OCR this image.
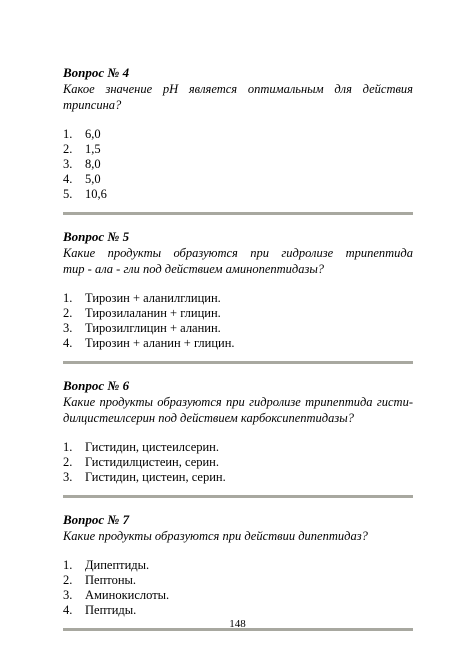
Вопрос № 4

Какое значение pH является оптимальным для действия трипсина?

1.	6,0
2.	1,5
3.	8,0
4.	5,0
5.	10,6

Вопрос № 5

Какие продукты образуются при гидролизе трипептида

тир - ала - гли под действием аминопептидазы?

1.	Тирозин + аланилглицин.
2.	Тирозилаланин + глицин.
3.	Тирозилглицин + аланин.
4.	Тирозин + аланин + глицин.

Вопрос № 6

Какие продукты образуются при гидролизе трипептида гисти-

дилцистеилсерин под действием карбоксипептидазы?

1.	Гистидин, цистеилсерин.
2.	Гистидилцистеин, серин.
3.	Гистидин, цистеин, серин.

Вопрос № 7

Какие продукты образуются при действии дипептидаз?

1.	Дипептиды.
2.	Пептоны.
3.	Аминокислоты.
4.	Пептиды.
148
